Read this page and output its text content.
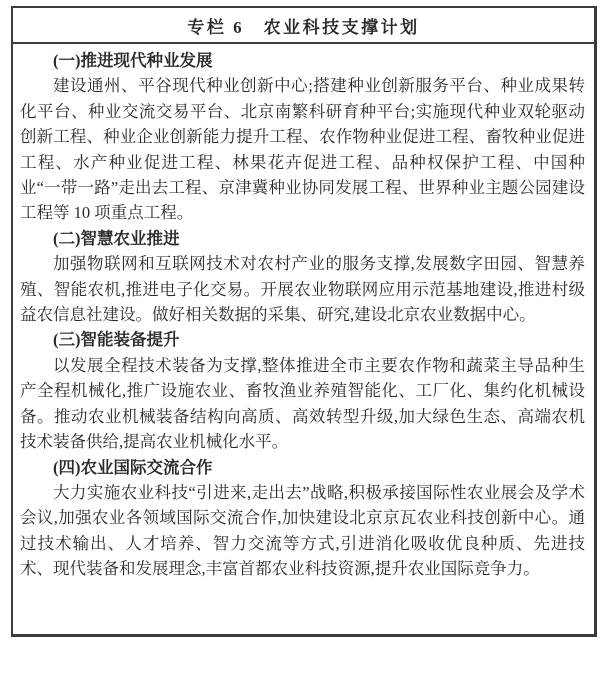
专栏 6　农业科技支撑计划
(一)推进现代种业发展

建设通州、平谷现代种业创新中心;搭建种业创新服务平台、种业成果转化平台、种业交流交易平台、北京南繁科研育种平台;实施现代种业双轮驱动创新工程、种业企业创新能力提升工程、农作物种业促进工程、畜牧种业促进工程、水产种业促进工程、林果花卉促进工程、品种权保护工程、中国种业“一带一路”走出去工程、京津冀种业协同发展工程、世界种业主题公园建设工程等 10 项重点工程。

(二)智慧农业推进

加强物联网和互联网技术对农村产业的服务支撑,发展数字田园、智慧养殖、智能农机,推进电子化交易。开展农业物联网应用示范基地建设,推进村级益农信息社建设。做好相关数据的采集、研究,建设北京农业数据中心。

(三)智能装备提升

以发展全程技术装备为支撑,整体推进全市主要农作物和蔬菜主导品种生产全程机械化,推广设施农业、畜牧渔业养殖智能化、工厂化、集约化机械设备。推动农业机械装备结构向高质、高效转型升级,加大绿色生态、高端农机技术装备供给,提高农业机械化水平。

(四)农业国际交流合作

大力实施农业科技“引进来,走出去”战略,积极承接国际性农业展会及学术会议,加强农业各领域国际交流合作,加快建设北京京瓦农业科技创新中心。通过技术输出、人才培养、智力交流等方式,引进消化吸收优良种质、先进技术、现代装备和发展理念,丰富首都农业科技资源,提升农业国际竞争力。
